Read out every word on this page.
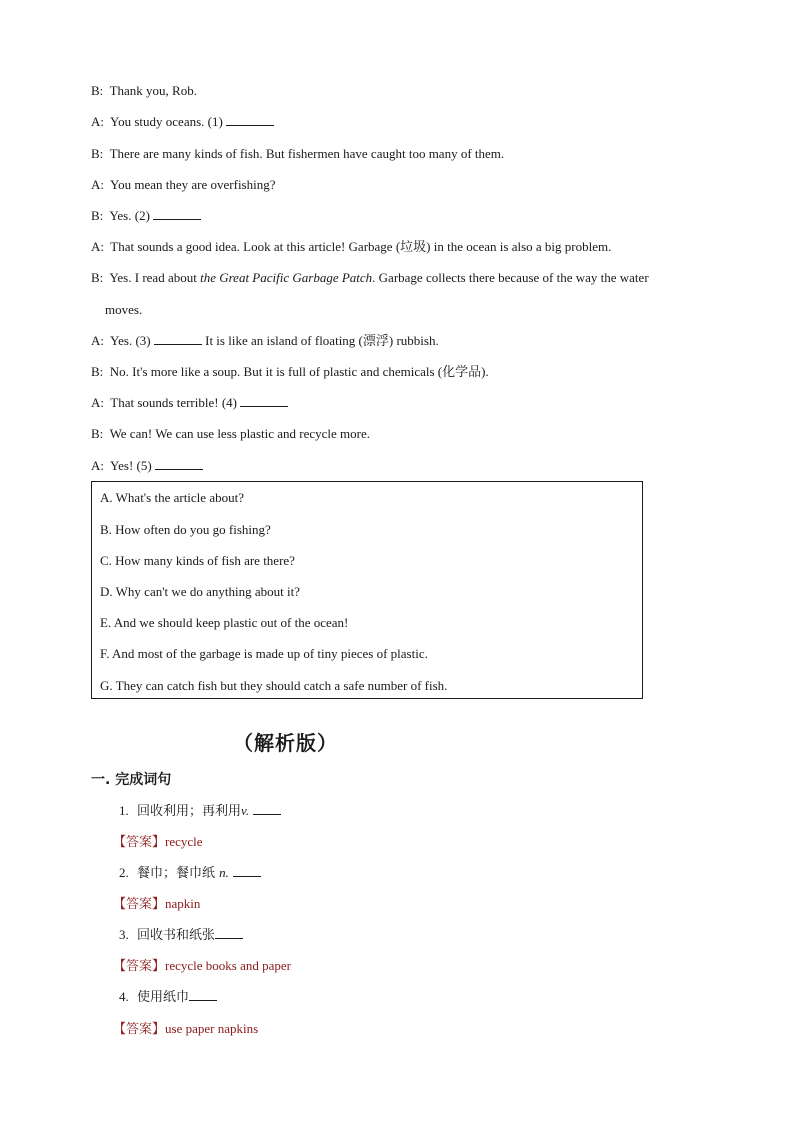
B: Thank you, Rob.
A: You study oceans. (1)
B: There are many kinds of fish. But fishermen have caught too many of them.
A: You mean they are overfishing?
B: Yes. (2)
A: That sounds a good idea. Look at this article! Garbage (垃圾) in the ocean is also a big problem.
B: Yes. I read about the Great Pacific Garbage Patch. Garbage collects there because of the way the water
moves.
A: Yes. (3)	It is like an island of floating (漂浮) rubbish.
B: No. It's more like a soup. But it is full of plastic and chemicals (化学品).
A: That sounds terrible! (4)
B: We can! We can use less plastic and recycle more.
A: Yes! (5)
A. What's the article about?
B. How often do you go fishing?
C. How many kinds of fish are there?
D. Why can't we do anything about it?
E. And we should keep plastic out of the ocean!
F. And most of the garbage is made up of tiny pieces of plastic.
G. They can catch fish but they should catch a safe number of fish.
（解析版）
一. 完成词句
1. 回收利用；再利用v.
【答案】recycle
2. 餐巾；餐巾纸 n.
【答案】napkin
3. 回收书和纸张
【答案】recycle books and paper
4. 使用纸巾
【答案】use paper napkins
